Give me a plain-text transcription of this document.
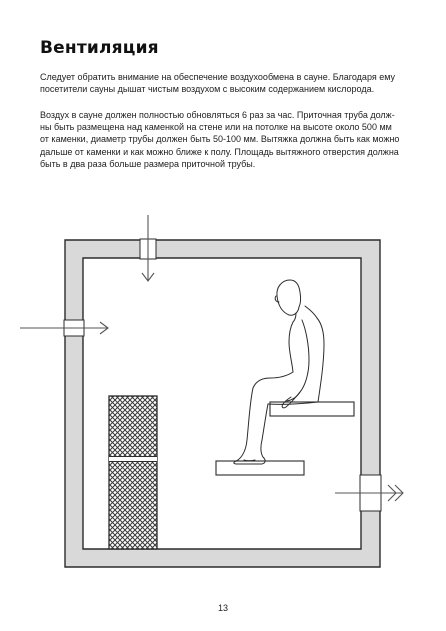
Вентиляция
Следует обратить внимание на обеспечение воздухообмена в сауне. Благодаря ему
посетители сауны дышат чистым воздухом с высоким содержанием кислорода.
Воздух в сауне должен полностью обновляться 6 раз за час. Приточная труба долж-
ны быть размещена над каменкой на стене или на потолке на высоте около 500 мм
от каменки, диаметр трубы должен быть 50-100 мм. Вытяжка должна быть как можно
дальше от каменки и как можно ближе к полу. Площадь вытяжного отверстия должна
быть в два раза больше размера приточной трубы.
13
